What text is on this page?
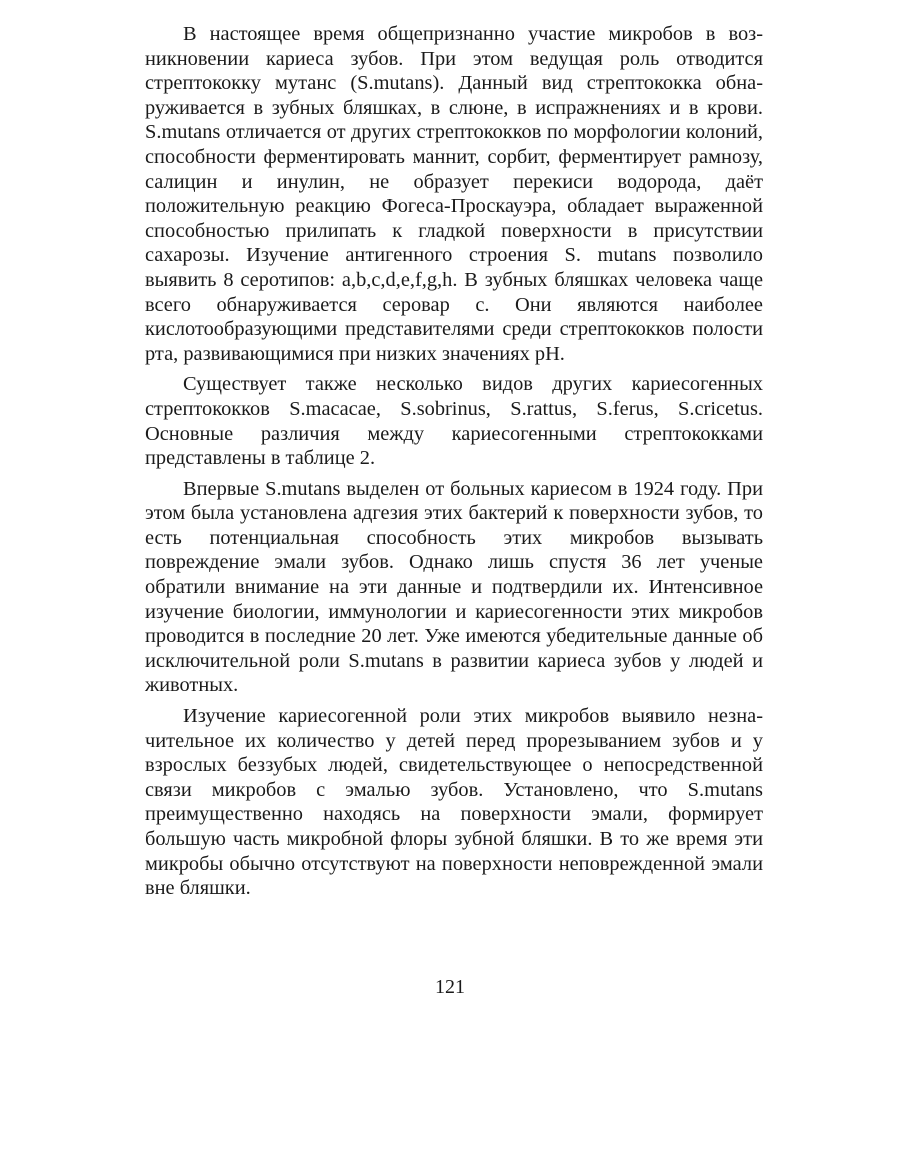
В настоящее время общепризнанно участие микробов в возникновении кариеса зубов. При этом ведущая роль отводится стрептококку мутанс (S.mutans). Данный вид стрептококка обнаруживается в зубных бляшках, в слюне, в испражнениях и в крови. S.mutans отличается от других стрептококков по морфологии колоний, способности ферментировать маннит, сорбит, ферментирует рамнозу, салицин и инулин, не образует перекиси водорода, даёт положительную реакцию Фогеса-Проскауэра, обладает выраженной способностью прилипать к гладкой поверхности в присутствии сахарозы. Изучение антигенного строения S. mutans позволило выявить 8 серотипов: a,b,c,d,e,f,g,h. В зубных бляшках человека чаще всего обнаруживается серовар с. Они являются наиболее кислотообразующими представителями среди стрептококков полости рта, развивающимися при низких значениях рН.

Существует также несколько видов других кариесогенных стрептококков S.macacae, S.sobrinus, S.rattus, S.ferus, S.cricetus. Основные различия между кариесогенными стрептококками представлены в таблице 2.

Впервые S.mutans выделен от больных кариесом в 1924 году. При этом была установлена адгезия этих бактерий к поверхности зубов, то есть потенциальная способность этих микробов вызывать повреждение эмали зубов. Однако лишь спустя 36 лет ученые обратили внимание на эти данные и подтвердили их. Интенсивное изучение биологии, иммунологии и кариесогенности этих микробов проводится в последние 20 лет. Уже имеются убедительные данные об исключительной роли S.mutans в развитии кариеса зубов у людей и животных.

Изучение кариесогенной роли этих микробов выявило незначительное их количество у детей перед прорезыванием зубов и у взрослых беззубых людей, свидетельствующее о непосредственной связи микробов с эмалью зубов. Установлено, что S.mutans преимущественно находясь на поверхности эмали, формирует большую часть микробной флоры зубной бляшки. В то же время эти микробы обычно отсутствуют на поверхности неповрежденной эмали вне бляшки.

121
